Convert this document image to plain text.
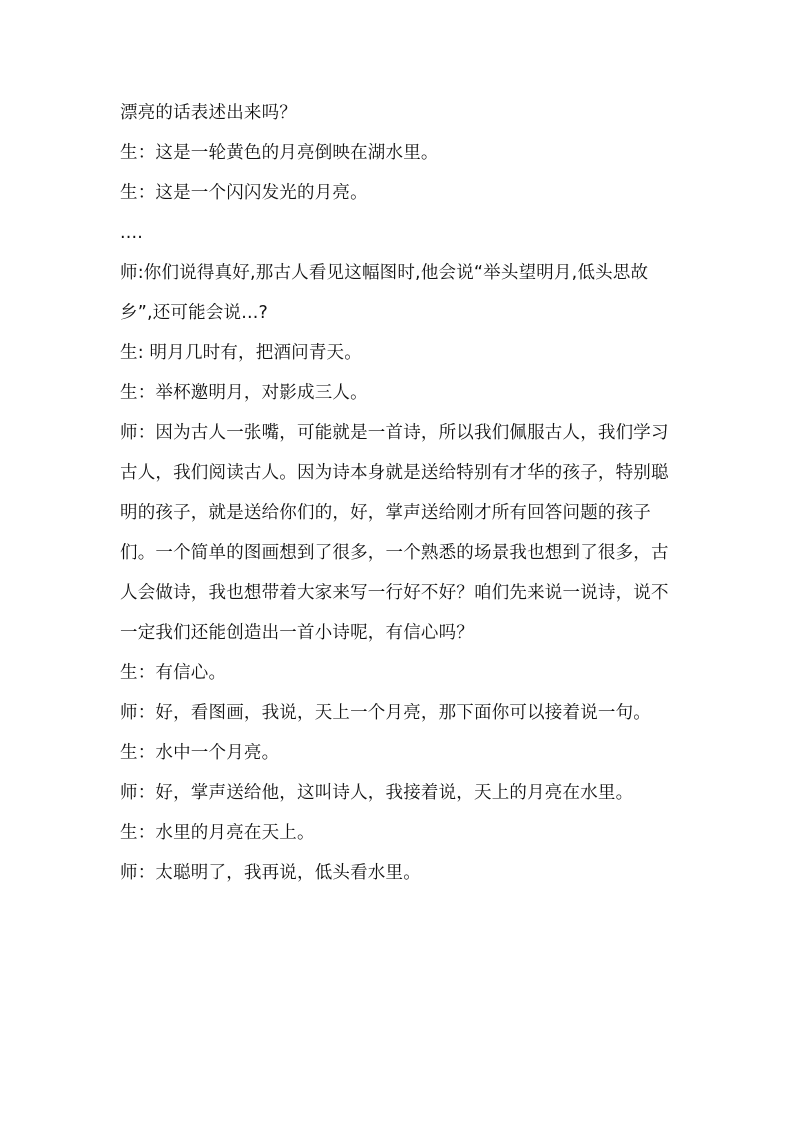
漂亮的话表述出来吗？

生：这是一轮黄色的月亮倒映在湖水里。

生：这是一个闪闪发光的月亮。

....

师:你们说得真好,那古人看见这幅图时,他会说“举头望明月,低头思故乡”,还可能会说...?

生: 明月几时有，把酒问青天。

生：举杯邀明月，对影成三人。

师：因为古人一张嘴，可能就是一首诗，所以我们佩服古人，我们学习古人，我们阅读古人。因为诗本身就是送给特别有才华的孩子，特别聪明的孩子，就是送给你们的，好，掌声送给刚才所有回答问题的孩子们。一个简单的图画想到了很多，一个熟悉的场景我也想到了很多，古人会做诗，我也想带着大家来写一行好不好？咱们先来说一说诗，说不一定我们还能创造出一首小诗呢，有信心吗？

生：有信心。

师：好，看图画，我说，天上一个月亮，那下面你可以接着说一句。

生：水中一个月亮。

师：好，掌声送给他，这叫诗人，我接着说，天上的月亮在水里。

生：水里的月亮在天上。

师：太聪明了，我再说，低头看水里。
